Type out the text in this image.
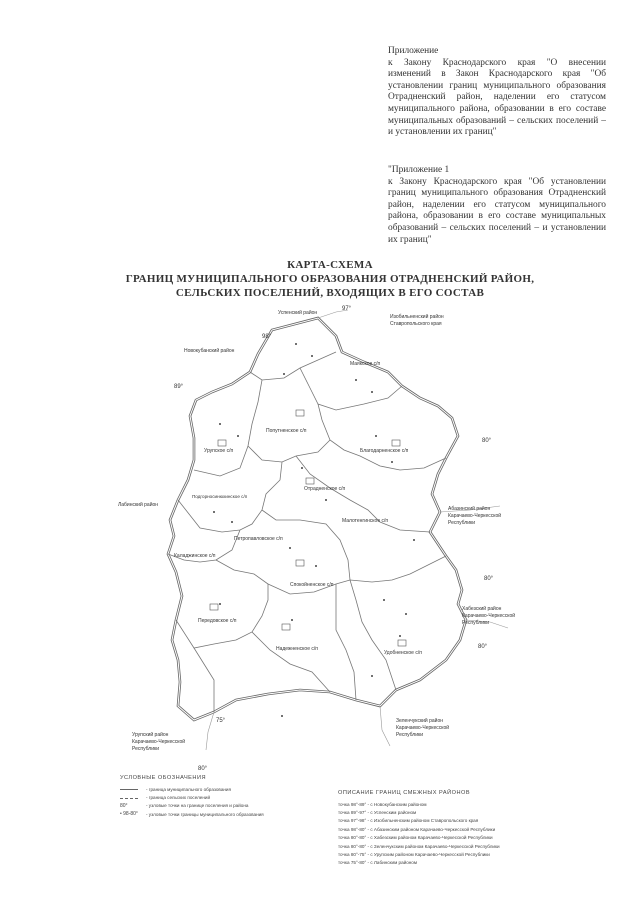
Приложение
к Закону Краснодарского края "О внесении изменений в Закон Краснодарского края "Об установлении границ муниципального образования Отрадненский район, наделении его статусом муниципального района, образовании в его составе муниципальных образований – сельских поселений – и установлении их границ"
"Приложение 1
к Закону Краснодарского края "Об установлении границ муниципального образования Отрадненский район, наделении его статусом муниципального района, образовании в его составе муниципальных образований – сельских поселений – и установлении их границ"
КАРТА-СХЕМА
ГРАНИЦ МУНИЦИПАЛЬНОГО ОБРАЗОВАНИЯ ОТРАДНЕНСКИЙ РАЙОН,
СЕЛЬСКИХ ПОСЕЛЕНИЙ, ВХОДЯЩИХ В ЕГО СОСТАВ
Попутненское с/п
Маякское с/п
Урупское с/п	Благодарненское с/п
Подгорносинюхинское с/п
Отрадненское с/п
Малотенгинское с/п
Петропавловское с/п
Каладжинское с/п
Спокойненское с/п
Передовское с/п
Надежненское с/п
Удобненское с/п
Успенский район
Новокубанский район
Лабинский район
Изобильненский район
Ставропольского края
Абазинский район
Карачаево-Черкесской
Республики
Хабезский район
Карачаево-Черкесской
Республики
Зеленчукский район
Карачаево-Черкесской
Республики
Урупский район
Карачаево-Черкесской
Республики
97°
98°
89°
80°
80°
80°
75°
80°
УСЛОВНЫЕ ОБОЗНАЧЕНИЯ
- граница муниципального образования
- граница сельских поселений
80°	- узловые точки на границе поселения и района
• 98-80°	- узловые точки границы муниципального образования
ОПИСАНИЕ ГРАНИЦ СМЕЖНЫХ РАЙОНОВ
точка 98°-89° - с Новокубанским районом
точка 89°-97° - с Успенским районом
точка 97°-98° - с Изобильненским районом Ставропольского края
точка 98°-80° - с Абазинским районом Карачаево-Черкесской Республики
точка 80°-80° - с Хабезским районом Карачаево-Черкесской Республики
точка 80°-80° - с Зеленчукским районом Карачаево-Черкесской Республики
точка 80°-75° - с Урупским районом Карачаево-Черкесской Республики
точка 75°-80° - с Лабинским районом
